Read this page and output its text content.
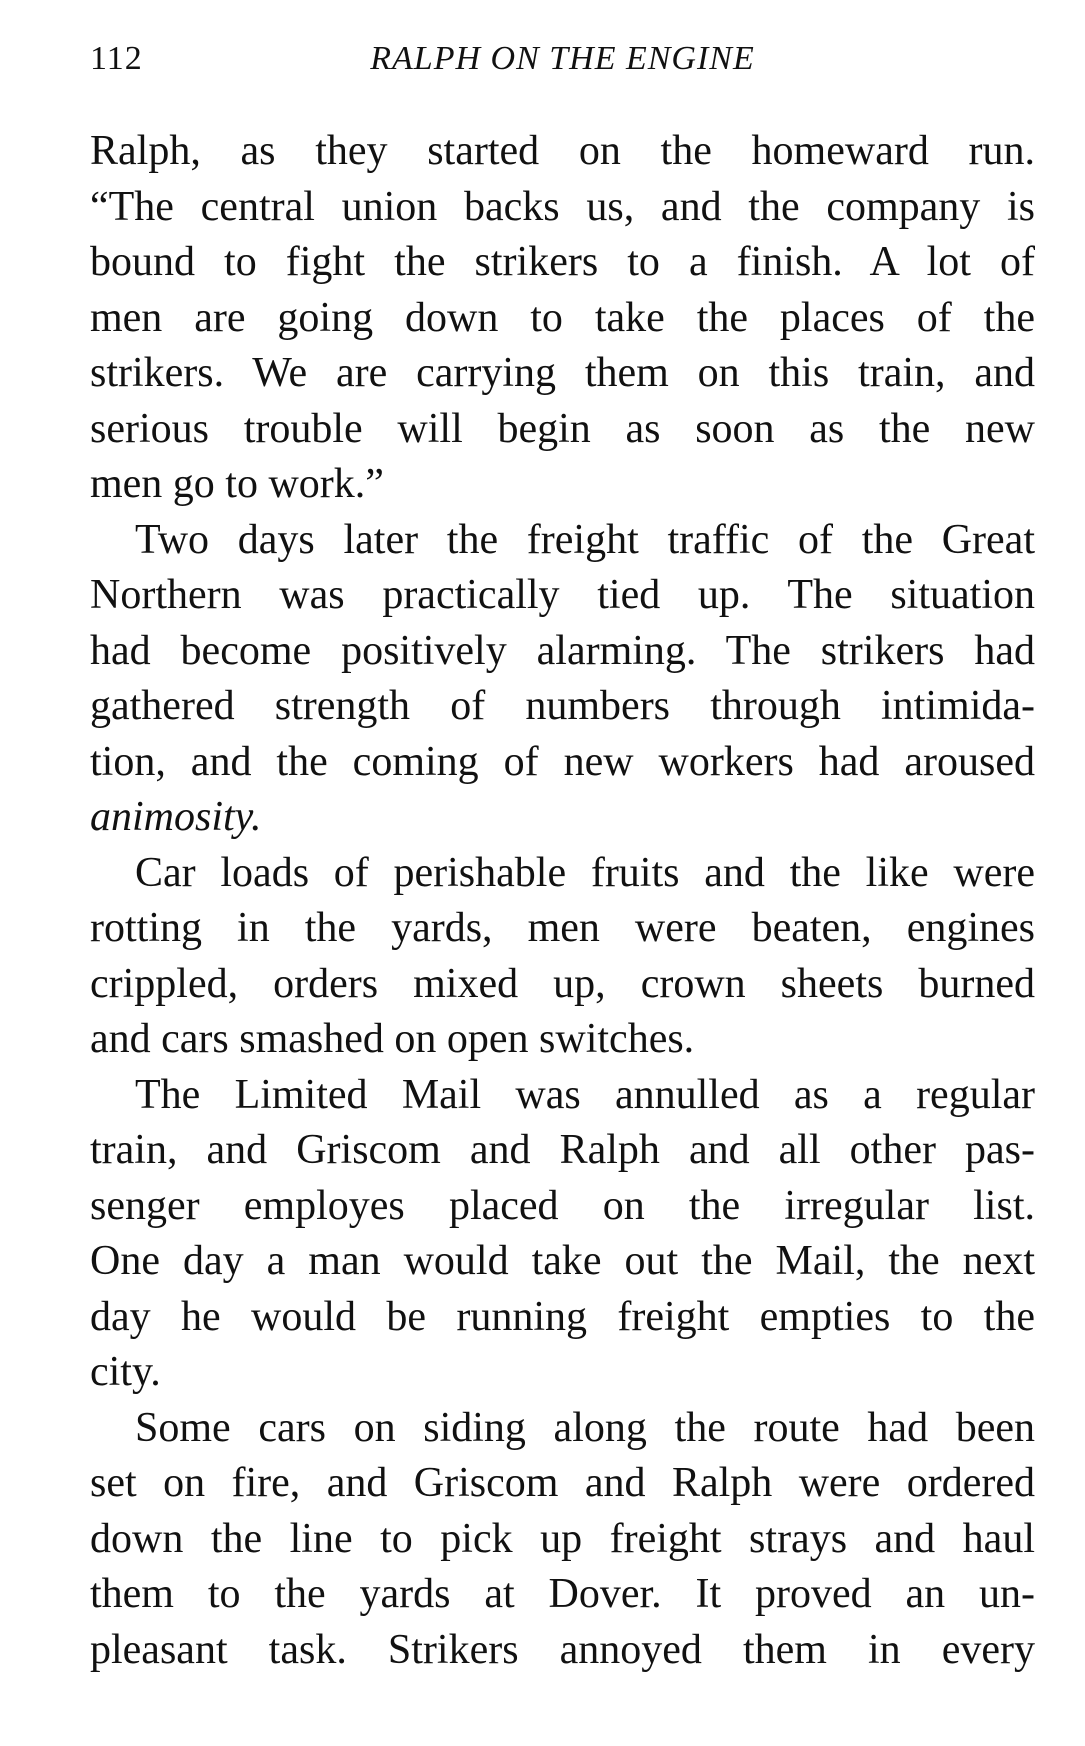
112	RALPH ON THE ENGINE
Ralph, as they started on the homeward run.
“The central union backs us, and the company is
bound to fight the strikers to a finish. A lot of
men are going down to take the places of the
strikers. We are carrying them on this train, and
serious trouble will begin as soon as the new
men go to work.”
Two days later the freight traffic of the Great
Northern was practically tied up. The situation
had become positively alarming. The strikers had
gathered strength of numbers through intimida-
tion, and the coming of new workers had aroused
animosity.
Car loads of perishable fruits and the like were
rotting in the yards, men were beaten, engines
crippled, orders mixed up, crown sheets burned
and cars smashed on open switches.
The Limited Mail was annulled as a regular
train, and Griscom and Ralph and all other pas-
senger employes placed on the irregular list.
One day a man would take out the Mail, the next
day he would be running freight empties to the
city.
Some cars on siding along the route had been
set on fire, and Griscom and Ralph were ordered
down the line to pick up freight strays and haul
them to the yards at Dover. It proved an un-
pleasant task. Strikers annoyed them in every
